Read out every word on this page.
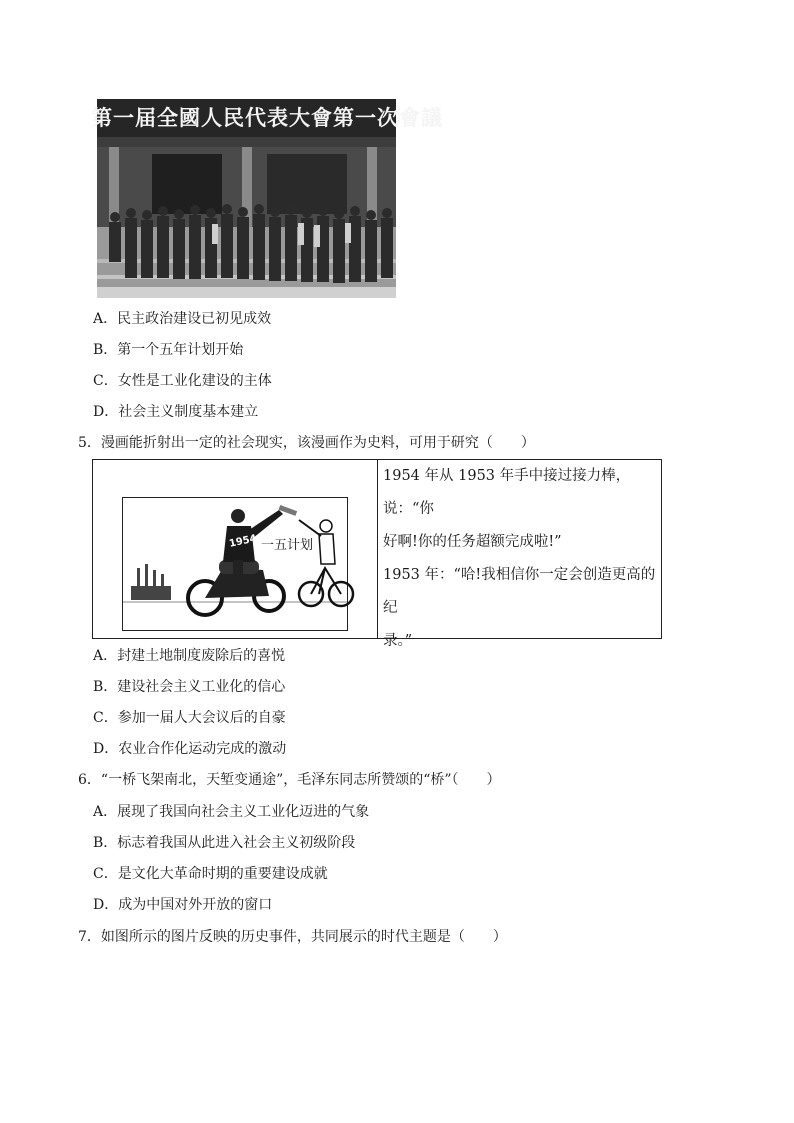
第一届全國人民代表大會第一次會議
A．民主政治建设已初见成效
B．第一个五年计划开始
C．女性是工业化建设的主体
D．社会主义制度基本建立
5．漫画能折射出一定的社会现实，该漫画作为史料，可用于研究（　　）
1954 一五计划

1954 年从 1953 年手中接过接力棒，说：“你

好啊!你的任务超额完成啦!”

1953 年：“哈!我相信你一定会创造更高的纪

录。”

A．封建土地制度废除后的喜悦
B．建设社会主义工业化的信心
C．参加一届人大会议后的自豪
D．农业合作化运动完成的激动
6．“一桥飞架南北，天堑变通途”，毛泽东同志所赞颂的“桥”（　　）
A．展现了我国向社会主义工业化迈进的气象
B．标志着我国从此进入社会主义初级阶段
C．是文化大革命时期的重要建设成就
D．成为中国对外开放的窗口
7．如图所示的图片反映的历史事件，共同展示的时代主题是（　　）
